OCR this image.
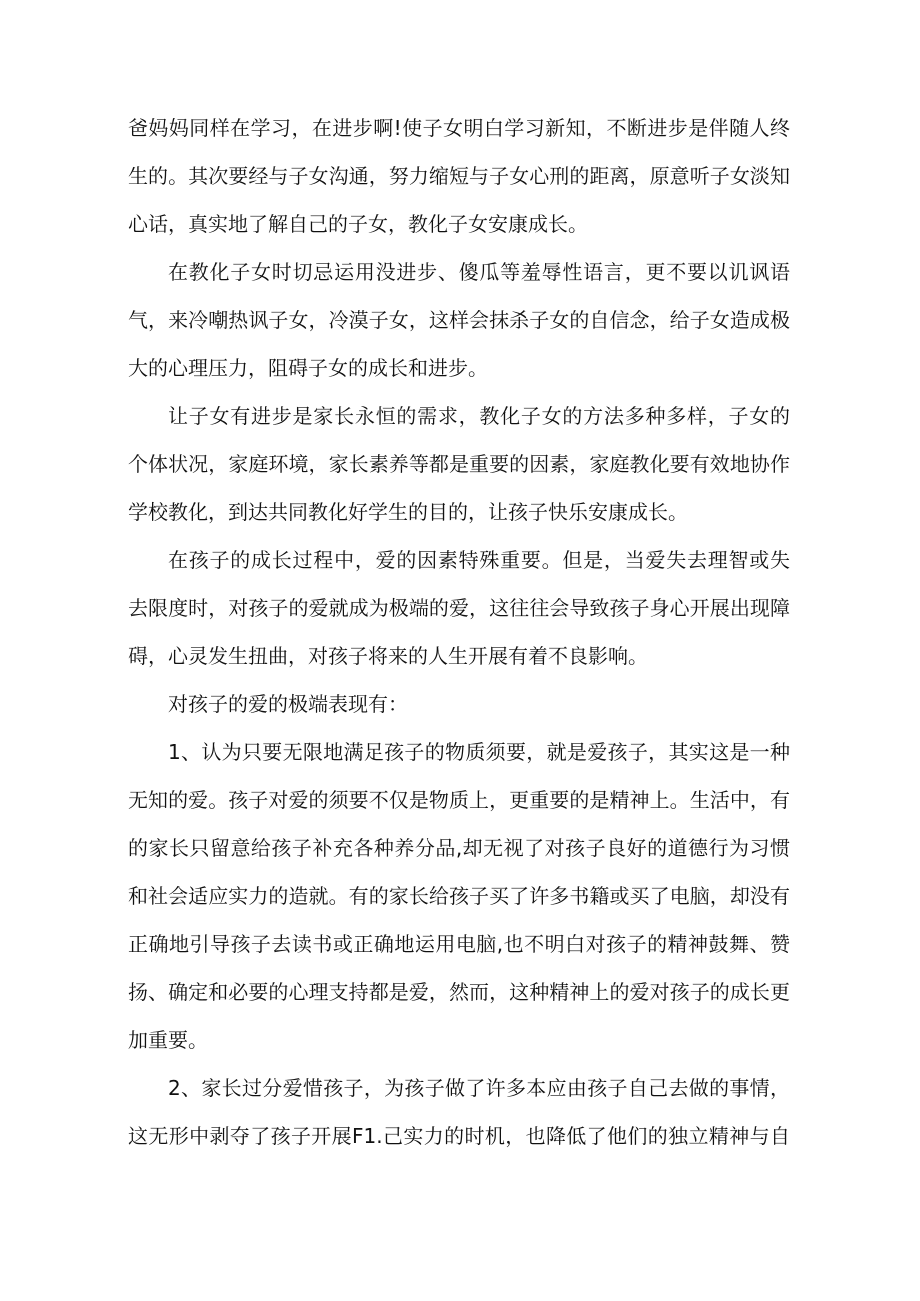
爸妈妈同样在学习，在进步啊!使子女明白学习新知，不断进步是伴随人终
生的。其次要经与子女沟通，努力缩短与子女心刑的距离，原意听子女淡知
心话，真实地了解自己的子女，教化子女安康成长。
在教化子女时切忌运用没进步、傻瓜等羞辱性语言，更不要以讥讽语
气，来冷嘲热讽子女，冷漠子女，这样会抹杀子女的自信念，给子女造成极
大的心理压力，阻碍子女的成长和进步。
让子女有进步是家长永恒的需求，教化子女的方法多种多样，子女的
个体状况，家庭环境，家长素养等都是重要的因素，家庭教化要有效地协作
学校教化，到达共同教化好学生的目的，让孩子快乐安康成长。
在孩子的成长过程中，爱的因素特殊重要。但是，当爱失去理智或失
去限度时，对孩子的爱就成为极端的爱，这往往会导致孩子身心开展出现障
碍，心灵发生扭曲，对孩子将来的人生开展有着不良影响。
对孩子的爱的极端表现有：
1、认为只要无限地满足孩子的物质须要，就是爱孩子，其实这是一种
无知的爱。孩子对爱的须要不仅是物质上，更重要的是精神上。生活中，有
的家长只留意给孩子补充各种养分品,却无视了对孩子良好的道德行为习惯
和社会适应实力的造就。有的家长给孩子买了许多书籍或买了电脑，却没有
正确地引导孩子去读书或正确地运用电脑,也不明白对孩子的精神鼓舞、赞
扬、确定和必要的心理支持都是爱，然而，这种精神上的爱对孩子的成长更
加重要。
2、家长过分爱惜孩子，为孩子做了许多本应由孩子自己去做的事情，
这无形中剥夺了孩子开展F1.己实力的时机，也降低了他们的独立精神与自
